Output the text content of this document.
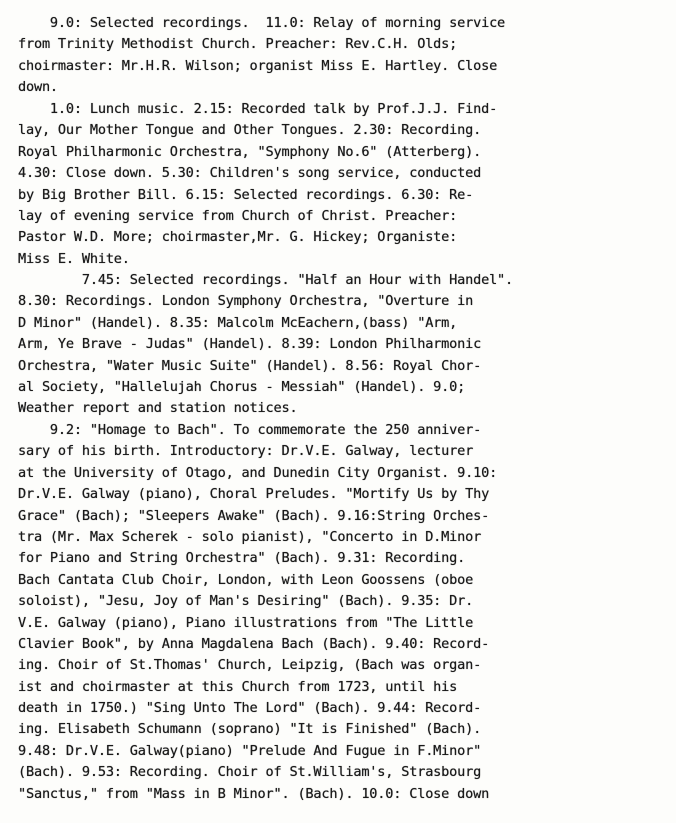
9.0: Selected recordings.  11.0: Relay of morning service
from Trinity Methodist Church. Preacher: Rev.C.H. Olds;
choirmaster: Mr.H.R. Wilson; organist Miss E. Hartley. Close
down.
1.0: Lunch music. 2.15: Recorded talk by Prof.J.J. Find-
lay, Our Mother Tongue and Other Tongues. 2.30: Recording.
Royal Philharmonic Orchestra, "Symphony No.6" (Atterberg).
4.30: Close down. 5.30: Children's song service, conducted
by Big Brother Bill. 6.15: Selected recordings. 6.30: Re-
lay of evening service from Church of Christ. Preacher:
Pastor W.D. More; choirmaster,Mr. G. Hickey; Organiste:
Miss E. White.
7.45: Selected recordings. "Half an Hour with Handel".
8.30: Recordings. London Symphony Orchestra, "Overture in
D Minor" (Handel). 8.35: Malcolm McEachern,(bass) "Arm,
Arm, Ye Brave - Judas" (Handel). 8.39: London Philharmonic
Orchestra, "Water Music Suite" (Handel). 8.56: Royal Chor-
al Society, "Hallelujah Chorus - Messiah" (Handel). 9.0;
Weather report and station notices.
9.2: "Homage to Bach". To commemorate the 250 anniver-
sary of his birth. Introductory: Dr.V.E. Galway, lecturer
at the University of Otago, and Dunedin City Organist. 9.10:
Dr.V.E. Galway (piano), Choral Preludes. "Mortify Us by Thy
Grace" (Bach); "Sleepers Awake" (Bach). 9.16:String Orches-
tra (Mr. Max Scherek - solo pianist), "Concerto in D.Minor
for Piano and String Orchestra" (Bach). 9.31: Recording.
Bach Cantata Club Choir, London, with Leon Goossens (oboe
soloist), "Jesu, Joy of Man's Desiring" (Bach). 9.35: Dr.
V.E. Galway (piano), Piano illustrations from "The Little
Clavier Book", by Anna Magdalena Bach (Bach). 9.40: Record-
ing. Choir of St.Thomas' Church, Leipzig, (Bach was organ-
ist and choirmaster at this Church from 1723, until his
death in 1750.) "Sing Unto The Lord" (Bach). 9.44: Record-
ing. Elisabeth Schumann (soprano) "It is Finished" (Bach).
9.48: Dr.V.E. Galway(piano) "Prelude And Fugue in F.Minor"
(Bach). 9.53: Recording. Choir of St.William's, Strasbourg
"Sanctus," from "Mass in B Minor". (Bach). 10.0: Close down
